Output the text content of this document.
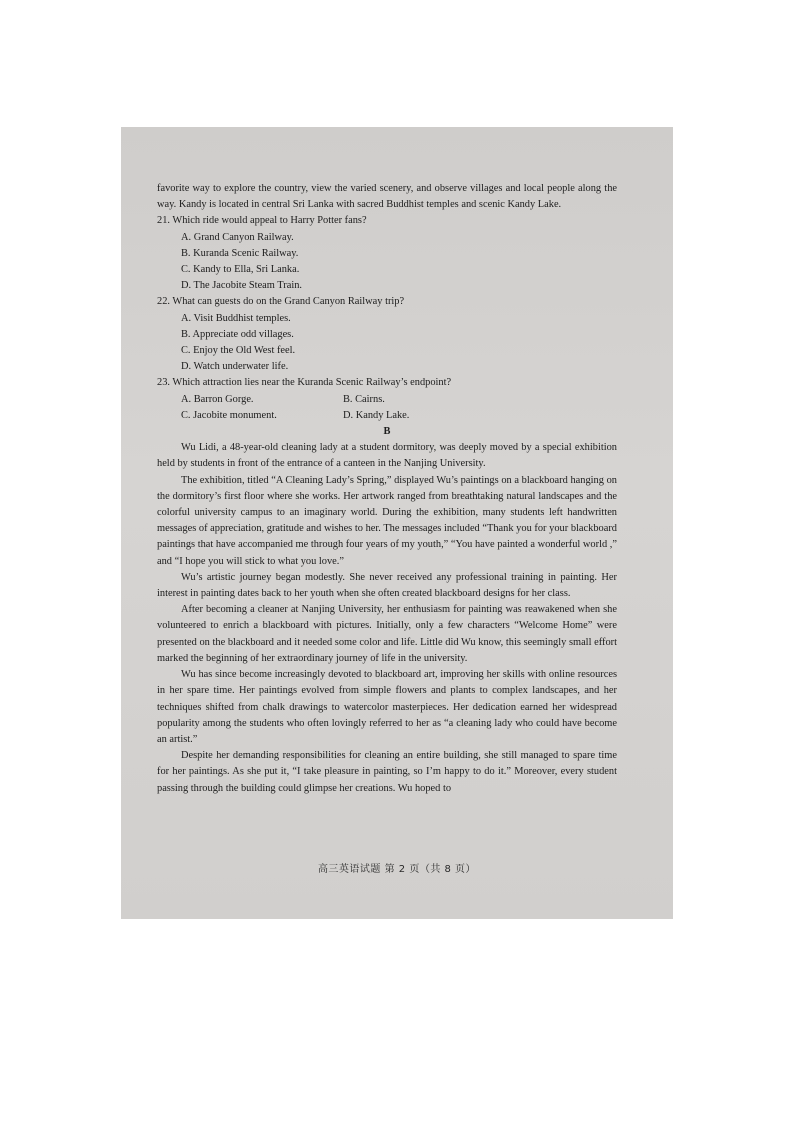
favorite way to explore the country, view the varied scenery, and observe villages and local people along the way. Kandy is located in central Sri Lanka with sacred Buddhist temples and scenic Kandy Lake.

21. Which ride would appeal to Harry Potter fans?

A. Grand Canyon Railway.

B. Kuranda Scenic Railway.

C. Kandy to Ella, Sri Lanka.

D. The Jacobite Steam Train.

22. What can guests do on the Grand Canyon Railway trip?

A. Visit Buddhist temples.

B. Appreciate odd villages.

C. Enjoy the Old West feel.

D. Watch underwater life.

23. Which attraction lies near the Kuranda Scenic Railway’s endpoint?

A. Barron Gorge.	B. Cairns.
C. Jacobite monument.	D. Kandy Lake.

B

Wu Lidi, a 48-year-old cleaning lady at a student dormitory, was deeply moved by a special exhibition held by students in front of the entrance of a canteen in the Nanjing University.

The exhibition, titled “A Cleaning Lady’s Spring,” displayed Wu’s paintings on a blackboard hanging on the dormitory’s first floor where she works. Her artwork ranged from breathtaking natural landscapes and the colorful university campus to an imaginary world. During the exhibition, many students left handwritten messages of appreciation, gratitude and wishes to her. The messages included “Thank you for your blackboard paintings that have accompanied me through four years of my youth,” “You have painted a wonderful world ,” and “I hope you will stick to what you love.”

Wu’s artistic journey began modestly. She never received any professional training in painting. Her interest in painting dates back to her youth when she often created blackboard designs for her class.

After becoming a cleaner at Nanjing University, her enthusiasm for painting was reawakened when she volunteered to enrich a blackboard with pictures. Initially, only a few characters “Welcome Home” were presented on the blackboard and it needed some color and life. Little did Wu know, this seemingly small effort marked the beginning of her extraordinary journey of life in the university.

Wu has since become increasingly devoted to blackboard art, improving her skills with online resources in her spare time. Her paintings evolved from simple flowers and plants to complex landscapes, and her techniques shifted from chalk drawings to watercolor masterpieces. Her dedication earned her widespread popularity among the students who often lovingly referred to her as “a cleaning lady who could have become an artist.”

Despite her demanding responsibilities for cleaning an entire building, she still managed to spare time for her paintings. As she put it, “I take pleasure in painting, so I’m happy to do it.” Moreover, every student passing through the building could glimpse her creations. Wu hoped to

高三英语试题 第 2 页（共 8 页）
